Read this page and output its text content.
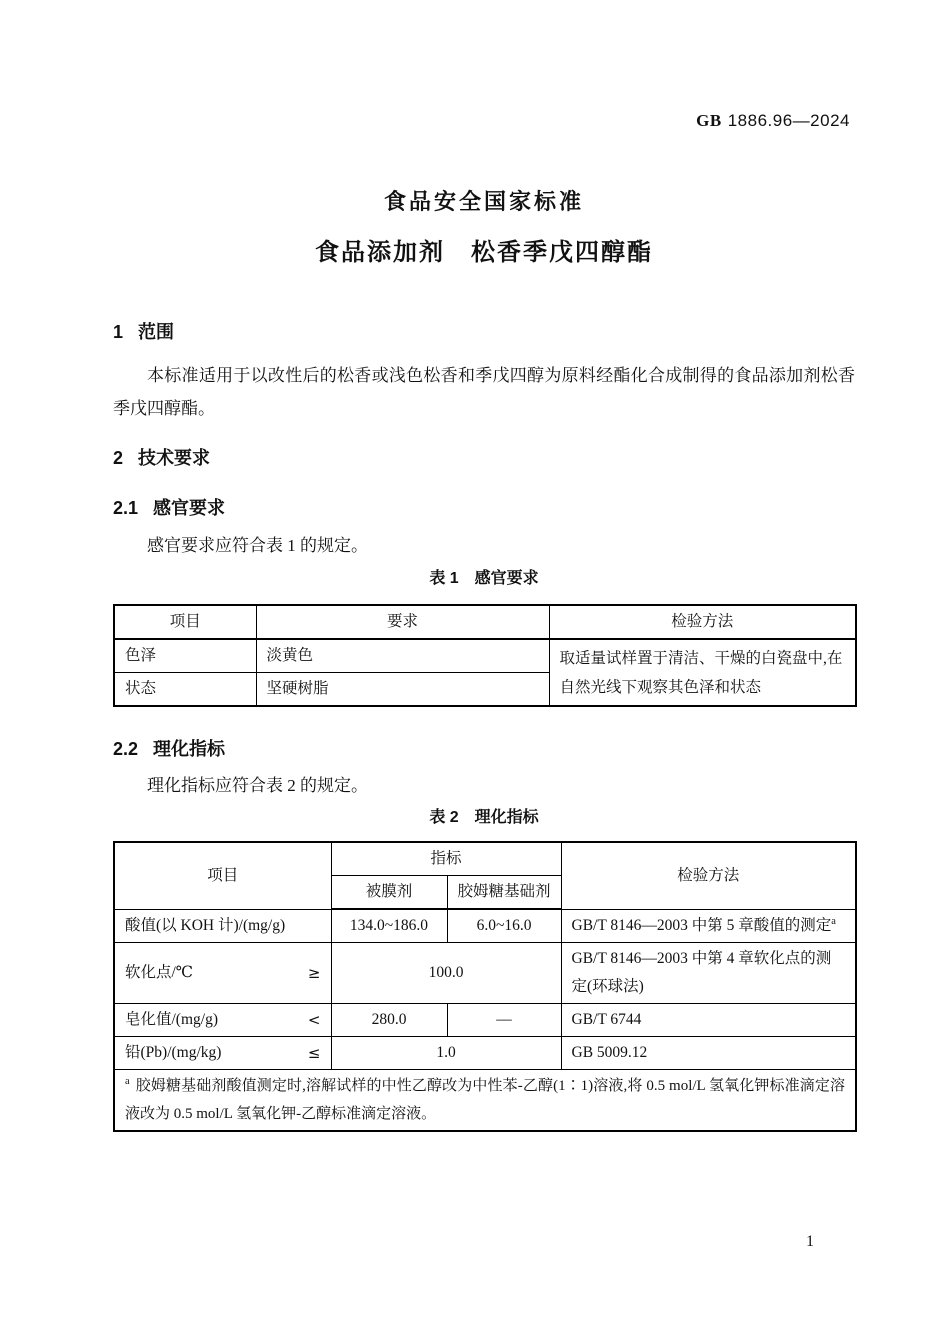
GB 1886.96—2024
食品安全国家标准
食品添加剂　松香季戊四醇酯
1 范围
本标准适用于以改性后的松香或浅色松香和季戊四醇为原料经酯化合成制得的食品添加剂松香季戊四醇酯。
2 技术要求
2.1 感官要求
感官要求应符合表 1 的规定。
表 1　感官要求
项目	要求	检验方法
色泽	淡黄色	取适量试样置于清洁、干燥的白瓷盘中,在自然光线下观察其色泽和状态
状态	坚硬树脂	
2.2 理化指标
理化指标应符合表 2 的规定。
表 2　理化指标
项目	指标		检验方法
	被膜剂	胶姆糖基础剂	

酸值(以 KOH 计)/(mg/g)	134.0~186.0	6.0~16.0	GB/T 8146—2003 中第 5 章酸值的测定$^a$

软化点/℃ ≥	100.0		GB/T 8146—2003 中第 4 章软化点的测定(环球法)

皂化值/(mg/g) <	280.0	—	GB/T 6744

铅(Pb)/(mg/kg) ≤	1.0		GB 5009.12
$^a$ 胶姆糖基础剂酸值测定时,溶解试样的中性乙醇改为中性苯-乙醇(1∶1)溶液,将 0.5 mol/L 氢氧化钾标准滴定溶液改为 0.5 mol/L 氢氧化钾-乙醇标准滴定溶液。			
1
